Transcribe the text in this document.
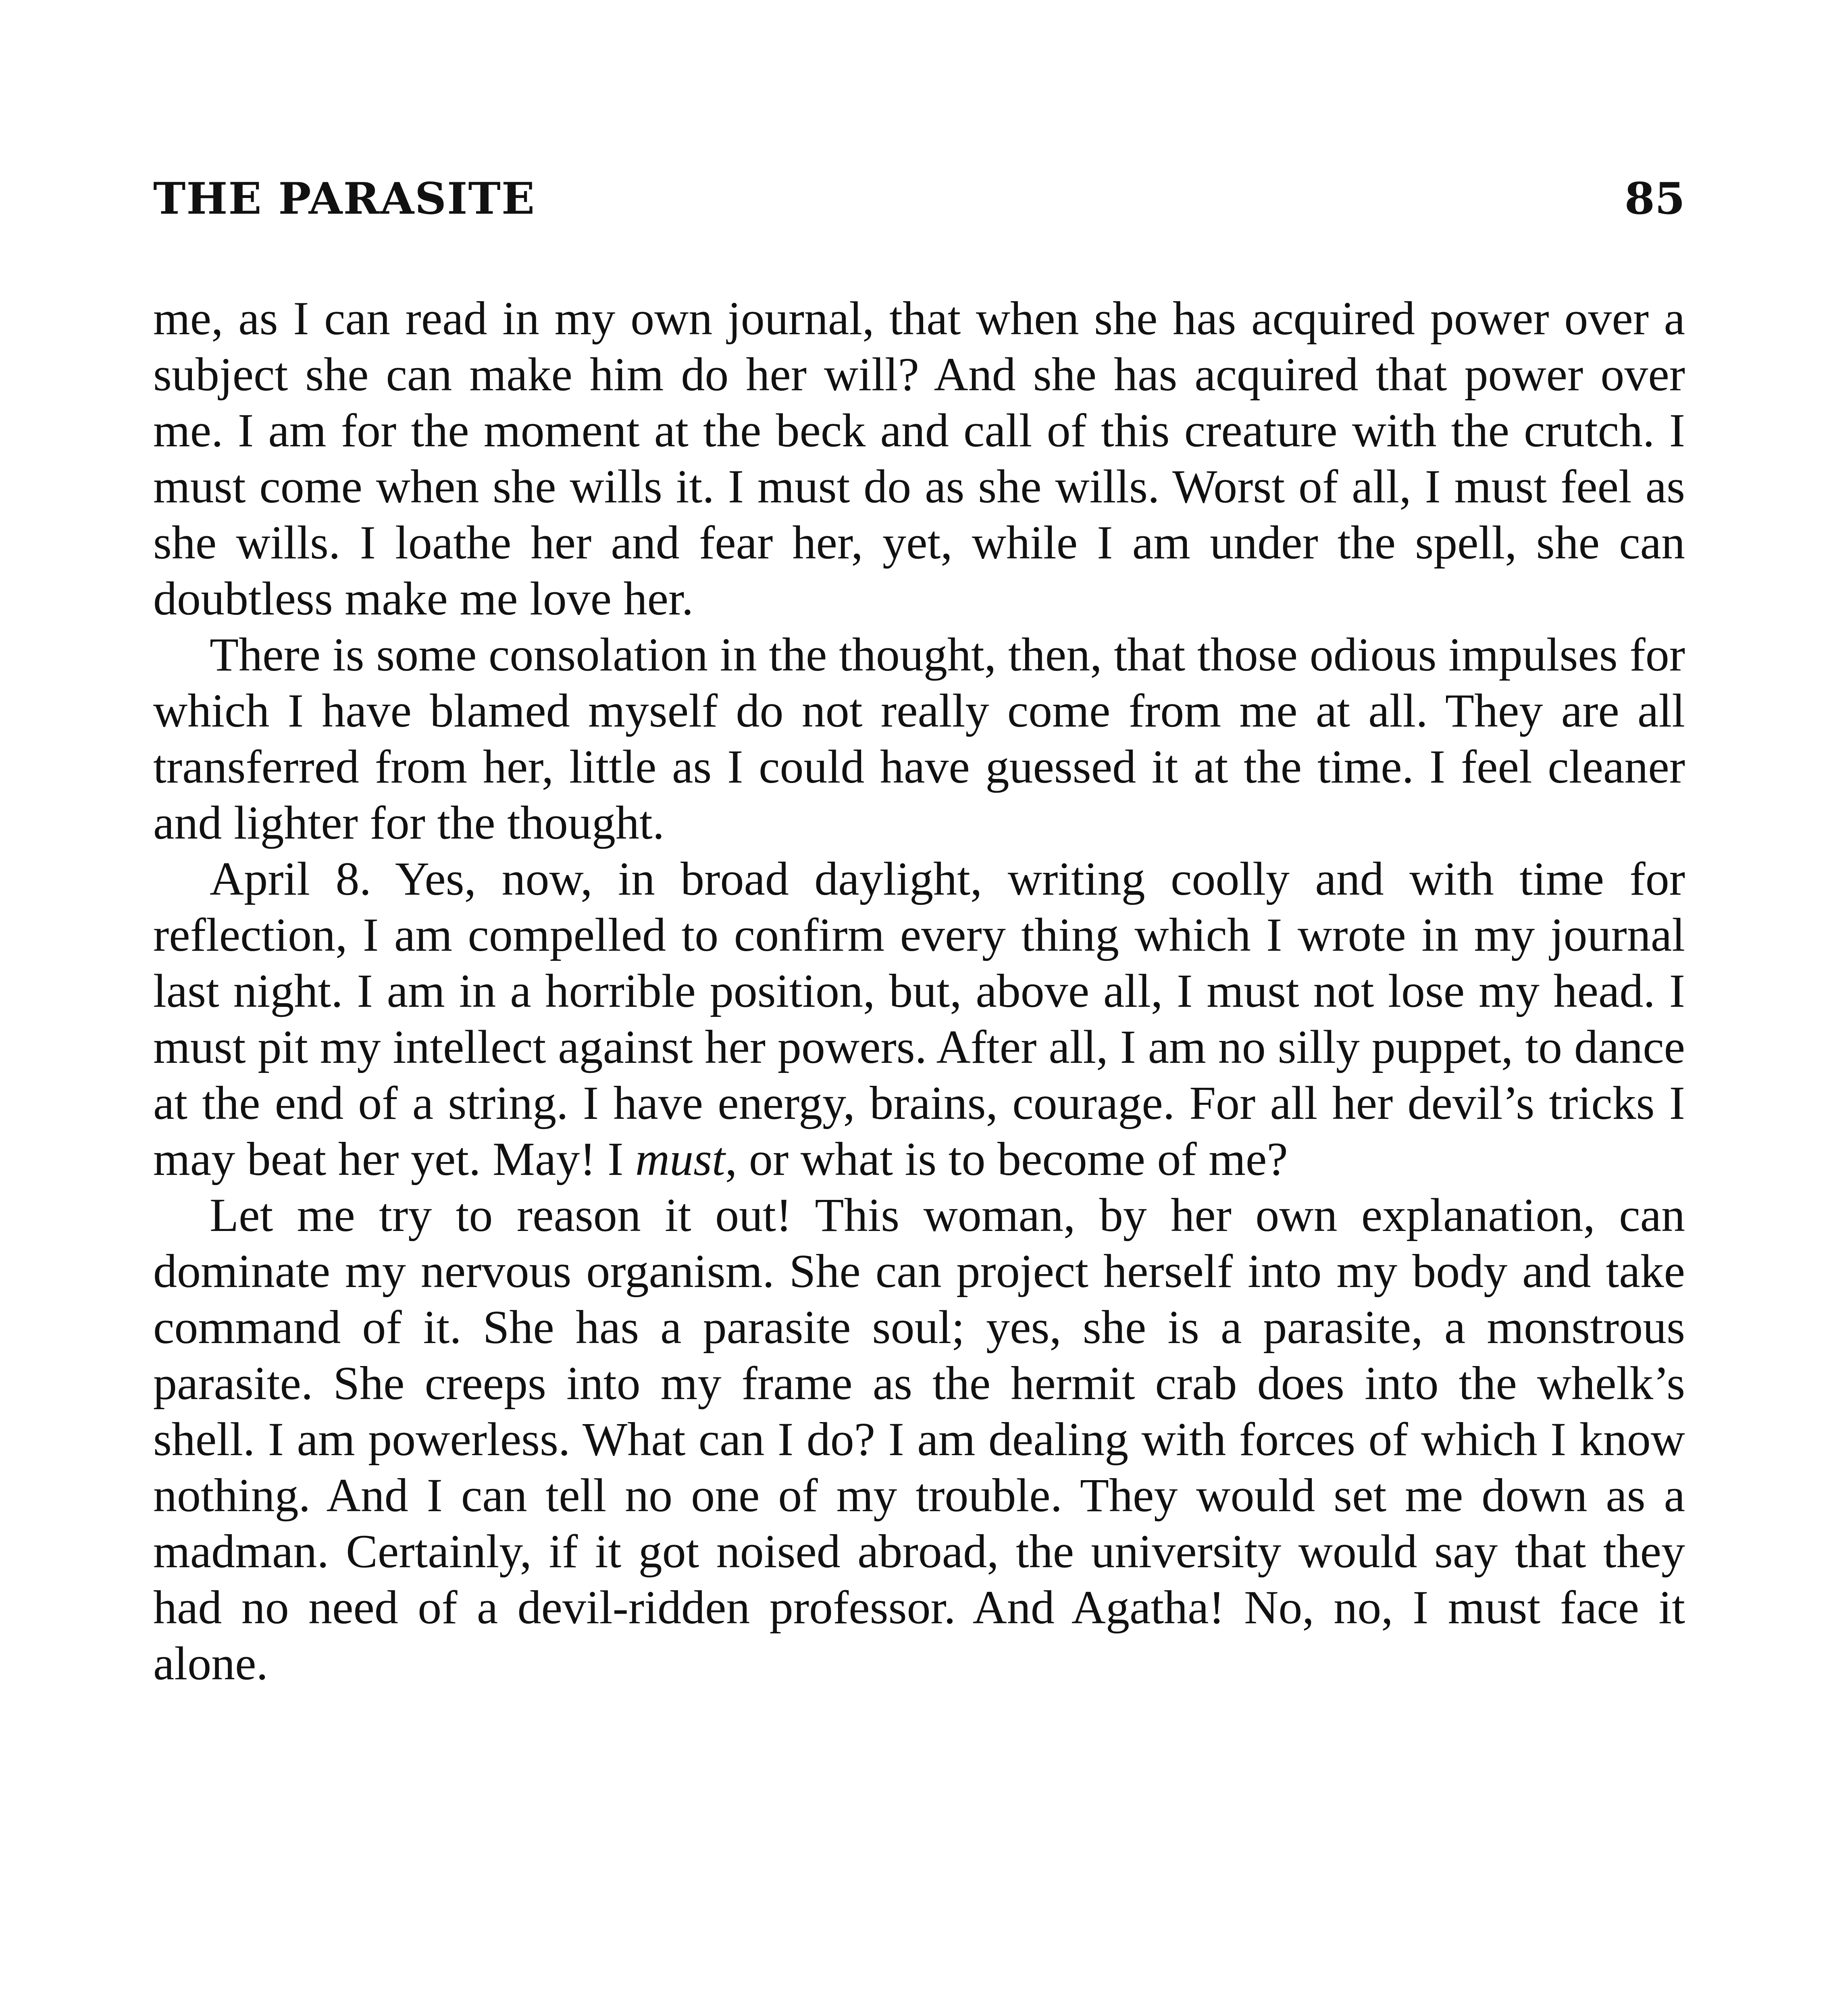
THE PARASITE	85

me, as I can read in my own journal, that when she has acquired power over a subject she can make him do her will? And she has acquired that power over me. I am for the moment at the beck and call of this creature with the crutch. I must come when she wills it. I must do as she wills. Worst of all, I must feel as she wills. I loathe her and fear her, yet, while I am under the spell, she can doubtless make me love her.

There is some consolation in the thought, then, that those odious impulses for which I have blamed myself do not really come from me at all. They are all transferred from her, little as I could have guessed it at the time. I feel cleaner and lighter for the thought.

April 8. Yes, now, in broad daylight, writing coolly and with time for reflection, I am compelled to confirm every thing which I wrote in my journal last night. I am in a horrible position, but, above all, I must not lose my head. I must pit my intellect against her powers. After all, I am no silly puppet, to dance at the end of a string. I have energy, brains, courage. For all her devil’s tricks I may beat her yet. May! I must, or what is to become of me?

Let me try to reason it out! This woman, by her own explanation, can dominate my nervous organism. She can project herself into my body and take command of it. She has a parasite soul; yes, she is a parasite, a monstrous parasite. She creeps into my frame as the hermit crab does into the whelk’s shell. I am powerless. What can I do? I am dealing with forces of which I know nothing. And I can tell no one of my trouble. They would set me down as a madman. Certainly, if it got noised abroad, the university would say that they had no need of a devil-ridden professor. And Agatha! No, no, I must face it alone.
